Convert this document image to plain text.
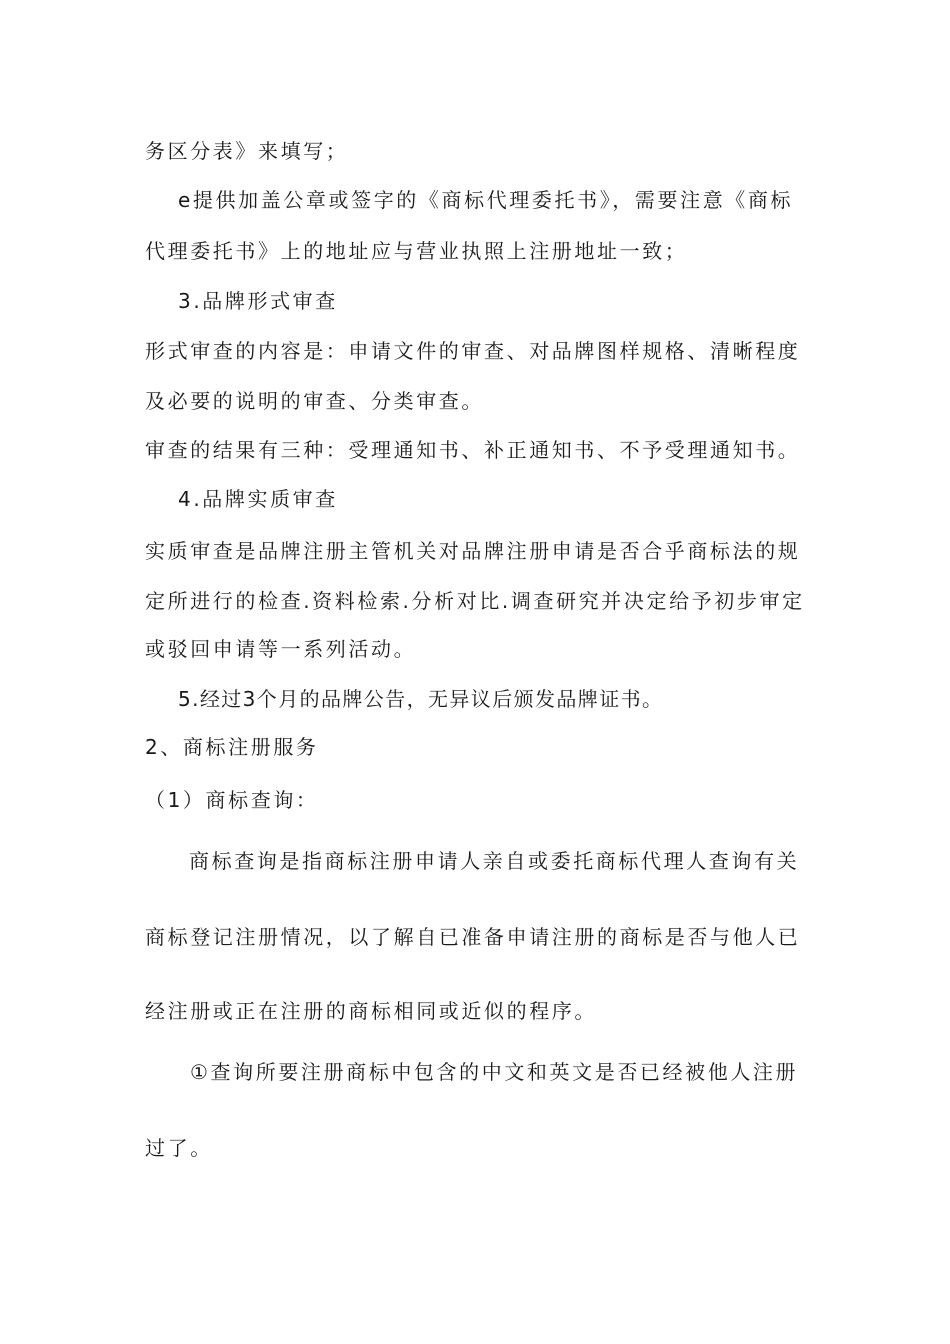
务区分表》来填写；
e提供加盖公章或签字的《商标代理委托书》，需要注意《商标
代理委托书》上的地址应与营业执照上注册地址一致；
3.品牌形式审查
形式审查的内容是：申请文件的审查、对品牌图样规格、清晰程度
及必要的说明的审查、分类审查。
审查的结果有三种：受理通知书、补正通知书、不予受理通知书。
4.品牌实质审查
实质审查是品牌注册主管机关对品牌注册申请是否合乎商标法的规
定所进行的检查.资料检索.分析对比.调查研究并决定给予初步审定
或驳回申请等一系列活动。
5.经过3个月的品牌公告，无异议后颁发品牌证书。
2、商标注册服务
（1）商标查询：
商标查询是指商标注册申请人亲自或委托商标代理人查询有关
商标登记注册情况，以了解自已准备申请注册的商标是否与他人已
经注册或正在注册的商标相同或近似的程序。
①查询所要注册商标中包含的中文和英文是否已经被他人注册
过了。
